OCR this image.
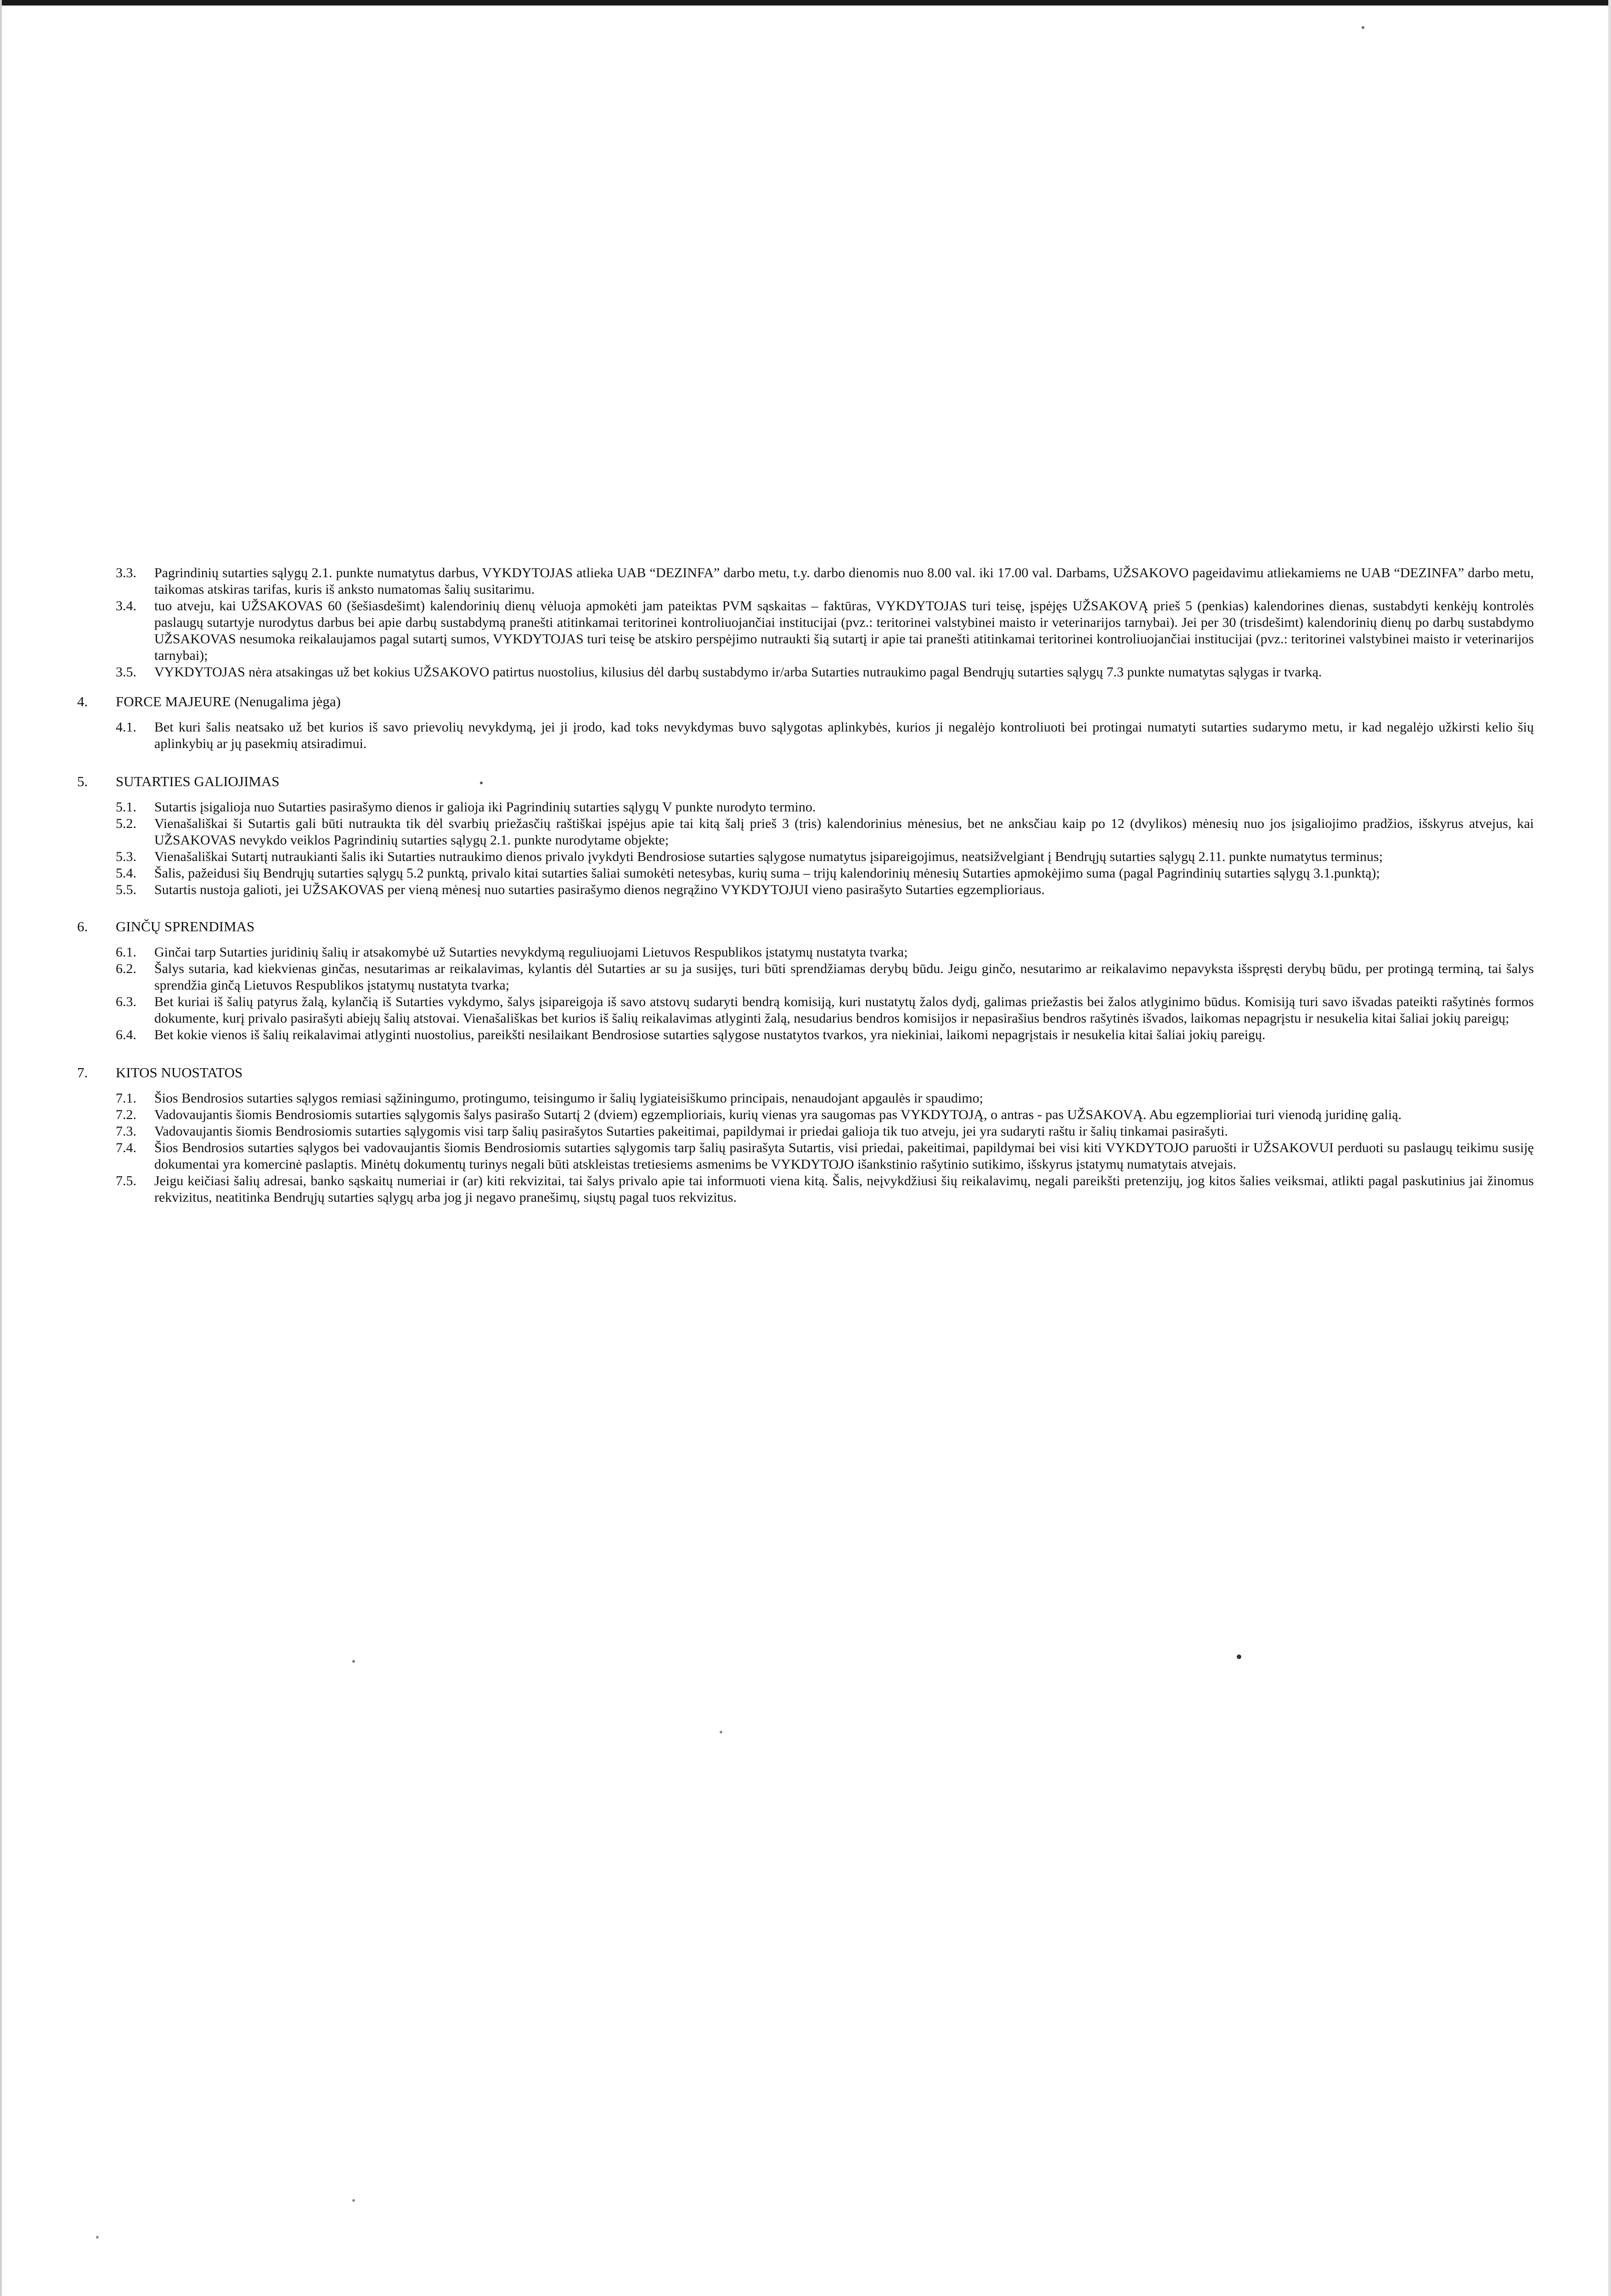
3.3.	Pagrindinių sutarties sąlygų 2.1. punkte numatytus darbus, VYKDYTOJAS atlieka UAB “DEZINFA” darbo metu, t.y. darbo dienomis nuo 8.00 val. iki 17.00 val. Darbams, UŽSAKOVO pageidavimu atliekamiems ne UAB “DEZINFA” darbo metu, taikomas atskiras tarifas, kuris iš anksto numatomas šalių susitarimu.
3.4.	tuo atveju, kai UŽSAKOVAS 60 (šešiasdešimt) kalendorinių dienų vėluoja apmokėti jam pateiktas PVM sąskaitas – faktūras, VYKDYTOJAS turi teisę, įspėjęs UŽSAKOVĄ prieš 5 (penkias) kalendorines dienas, sustabdyti kenkėjų kontrolės paslaugų sutartyje nurodytus darbus bei apie darbų sustabdymą pranešti atitinkamai teritorinei kontroliuojančiai institucijai (pvz.: teritorinei valstybinei maisto ir veterinarijos tarnybai). Jei per 30 (trisdešimt) kalendorinių dienų po darbų sustabdymo UŽSAKOVAS nesumoka reikalaujamos pagal sutartį sumos, VYKDYTOJAS turi teisę be atskiro perspėjimo nutraukti šią sutartį ir apie tai pranešti atitinkamai teritorinei kontroliuojančiai institucijai (pvz.: teritorinei valstybinei maisto ir veterinarijos tarnybai);
3.5.	VYKDYTOJAS nėra atsakingas už bet kokius UŽSAKOVO patirtus nuostolius, kilusius dėl darbų sustabdymo ir/arba Sutarties nutraukimo pagal Bendrųjų sutarties sąlygų 7.3 punkte numatytas sąlygas ir tvarką.
4.	FORCE MAJEURE (Nenugalima jėga)
4.1.	Bet kuri šalis neatsako už bet kurios iš savo prievolių nevykdymą, jei ji įrodo, kad toks nevykdymas buvo sąlygotas aplinkybės, kurios ji negalėjo kontroliuoti bei protingai numatyti sutarties sudarymo metu, ir kad negalėjo užkirsti kelio šių aplinkybių ar jų pasekmių atsiradimui.
5.	SUTARTIES GALIOJIMAS
5.1.	Sutartis įsigalioja nuo Sutarties pasirašymo dienos ir galioja iki Pagrindinių sutarties sąlygų V punkte nurodyto termino.
5.2.	Vienašališkai ši Sutartis gali būti nutraukta tik dėl svarbių priežasčių raštiškai įspėjus apie tai kitą šalį prieš 3 (tris) kalendorinius mėnesius, bet ne anksčiau kaip po 12 (dvylikos) mėnesių nuo jos įsigaliojimo pradžios, išskyrus atvejus, kai UŽSAKOVAS nevykdo veiklos Pagrindinių sutarties sąlygų 2.1. punkte nurodytame objekte;
5.3.	Vienašališkai Sutartį nutraukianti šalis iki Sutarties nutraukimo dienos privalo įvykdyti Bendrosiose sutarties sąlygose numatytus įsipareigojimus, neatsižvelgiant į Bendrųjų sutarties sąlygų 2.11. punkte numatytus terminus;
5.4.	Šalis, pažeidusi šių Bendrųjų sutarties sąlygų 5.2 punktą, privalo kitai sutarties šaliai sumokėti netesybas, kurių suma – trijų kalendorinių mėnesių Sutarties apmokėjimo suma (pagal Pagrindinių sutarties sąlygų 3.1.punktą);
5.5.	Sutartis nustoja galioti, jei UŽSAKOVAS per vieną mėnesį nuo sutarties pasirašymo dienos negrąžino VYKDYTOJUI vieno pasirašyto Sutarties egzemplioriaus.
6.	GINČŲ SPRENDIMAS
6.1.	Ginčai tarp Sutarties juridinių šalių ir atsakomybė už Sutarties nevykdymą reguliuojami Lietuvos Respublikos įstatymų nustatyta tvarka;
6.2.	Šalys sutaria, kad kiekvienas ginčas, nesutarimas ar reikalavimas, kylantis dėl Sutarties ar su ja susijęs, turi būti sprendžiamas derybų būdu. Jeigu ginčo, nesutarimo ar reikalavimo nepavyksta išspręsti derybų būdu, per protingą terminą, tai šalys sprendžia ginčą Lietuvos Respublikos įstatymų nustatyta tvarka;
6.3.	Bet kuriai iš šalių patyrus žalą, kylančią iš Sutarties vykdymo, šalys įsipareigoja iš savo atstovų sudaryti bendrą komisiją, kuri nustatytų žalos dydį, galimas priežastis bei žalos atlyginimo būdus. Komisiją turi savo išvadas pateikti rašytinės formos dokumente, kurį privalo pasirašyti abiejų šalių atstovai. Vienašališkas bet kurios iš šalių reikalavimas atlyginti žalą, nesudarius bendros komisijos ir nepasirašius bendros rašytinės išvados, laikomas nepagrįstu ir nesukelia kitai šaliai jokių pareigų;
6.4.	Bet kokie vienos iš šalių reikalavimai atlyginti nuostolius, pareikšti nesilaikant Bendrosiose sutarties sąlygose nustatytos tvarkos, yra niekiniai, laikomi nepagrįstais ir nesukelia kitai šaliai jokių pareigų.
7.	KITOS NUOSTATOS
7.1.	Šios Bendrosios sutarties sąlygos remiasi sąžiningumo, protingumo, teisingumo ir šalių lygiateisiškumo principais, nenaudojant apgaulės ir spaudimo;
7.2.	Vadovaujantis šiomis Bendrosiomis sutarties sąlygomis šalys pasirašo Sutartį 2 (dviem) egzemplioriais, kurių vienas yra saugomas pas VYKDYTOJĄ, o antras - pas UŽSAKOVĄ. Abu egzemplioriai turi vienodą juridinę galią.
7.3.	Vadovaujantis šiomis Bendrosiomis sutarties sąlygomis visi tarp šalių pasirašytos Sutarties pakeitimai, papildymai ir priedai galioja tik tuo atveju, jei yra sudaryti raštu ir šalių tinkamai pasirašyti.
7.4.	Šios Bendrosios sutarties sąlygos bei vadovaujantis šiomis Bendrosiomis sutarties sąlygomis tarp šalių pasirašyta Sutartis, visi priedai, pakeitimai, papildymai bei visi kiti VYKDYTOJO paruošti ir UŽSAKOVUI perduoti su paslaugų teikimu susiję dokumentai yra komercinė paslaptis. Minėtų dokumentų turinys negali būti atskleistas tretiesiems asmenims be VYKDYTOJO išankstinio rašytinio sutikimo, išskyrus įstatymų numatytais atvejais.
7.5.	Jeigu keičiasi šalių adresai, banko sąskaitų numeriai ir (ar) kiti rekvizitai, tai šalys privalo apie tai informuoti viena kitą. Šalis, neįvykdžiusi šių reikalavimų, negali pareikšti pretenzijų, jog kitos šalies veiksmai, atlikti pagal paskutinius jai žinomus rekvizitus, neatitinka Bendrųjų sutarties sąlygų arba jog ji negavo pranešimų, siųstų pagal tuos rekvizitus.
